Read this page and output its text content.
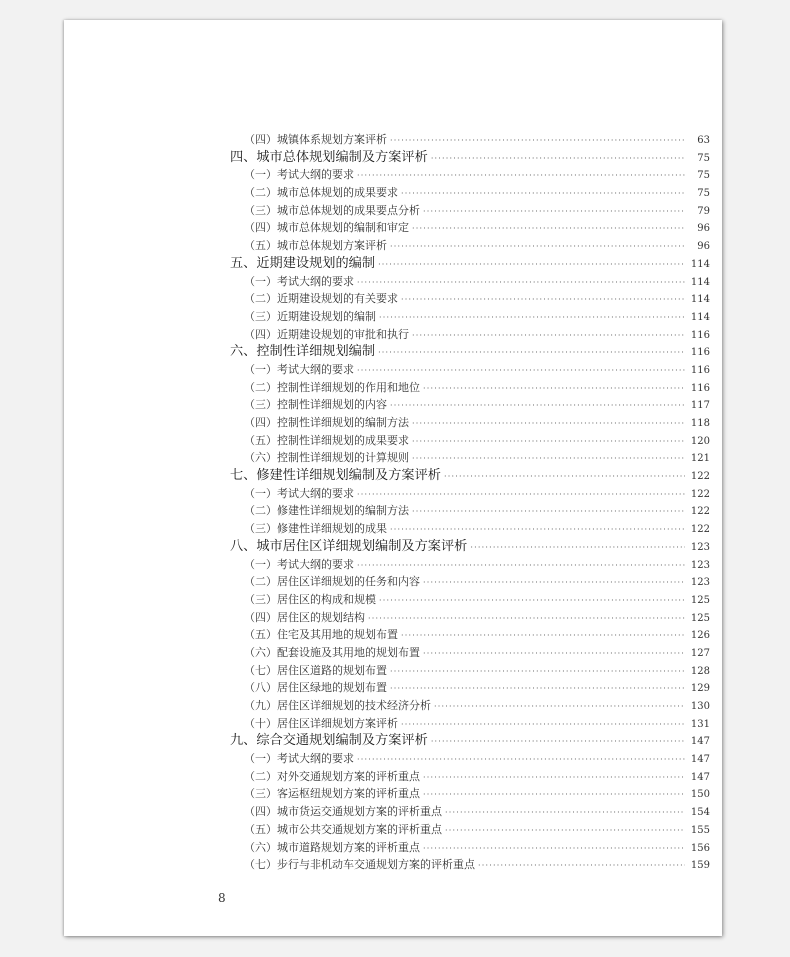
（四）城镇体系规划方案评析 ·····	63
四、城市总体规划编制及方案评析 ·····	75
（一）考试大纲的要求 ·····	75
（二）城市总体规划的成果要求 ·····	75
（三）城市总体规划的成果要点分析 ·····	79
（四）城市总体规划的编制和审定 ·····	96
（五）城市总体规划方案评析 ·····	96
五、近期建设规划的编制 ·····	114
（一）考试大纲的要求 ·····	114
（二）近期建设规划的有关要求 ·····	114
（三）近期建设规划的编制 ·····	114
（四）近期建设规划的审批和执行 ·····	116
六、控制性详细规划编制 ·····	116
（一）考试大纲的要求 ·····	116
（二）控制性详细规划的作用和地位 ·····	116
（三）控制性详细规划的内容 ·····	117
（四）控制性详细规划的编制方法 ·····	118
（五）控制性详细规划的成果要求 ·····	120
（六）控制性详细规划的计算规则 ·····	121
七、修建性详细规划编制及方案评析 ·····	122
（一）考试大纲的要求 ·····	122
（二）修建性详细规划的编制方法 ·····	122
（三）修建性详细规划的成果 ·····	122
八、城市居住区详细规划编制及方案评析 ·····	123
（一）考试大纲的要求 ·····	123
（二）居住区详细规划的任务和内容 ·····	123
（三）居住区的构成和规模 ·····	125
（四）居住区的规划结构 ·····	125
（五）住宅及其用地的规划布置 ·····	126
（六）配套设施及其用地的规划布置 ·····	127
（七）居住区道路的规划布置 ·····	128
（八）居住区绿地的规划布置 ·····	129
（九）居住区详细规划的技术经济分析 ·····	130
（十）居住区详细规划方案评析 ·····	131
九、综合交通规划编制及方案评析 ·····	147
（一）考试大纲的要求 ·····	147
（二）对外交通规划方案的评析重点 ·····	147
（三）客运枢纽规划方案的评析重点 ·····	150
（四）城市货运交通规划方案的评析重点 ·····	154
（五）城市公共交通规划方案的评析重点 ·····	155
（六）城市道路规划方案的评析重点 ·····	156
（七）步行与非机动车交通规划方案的评析重点 ·····	159
8
